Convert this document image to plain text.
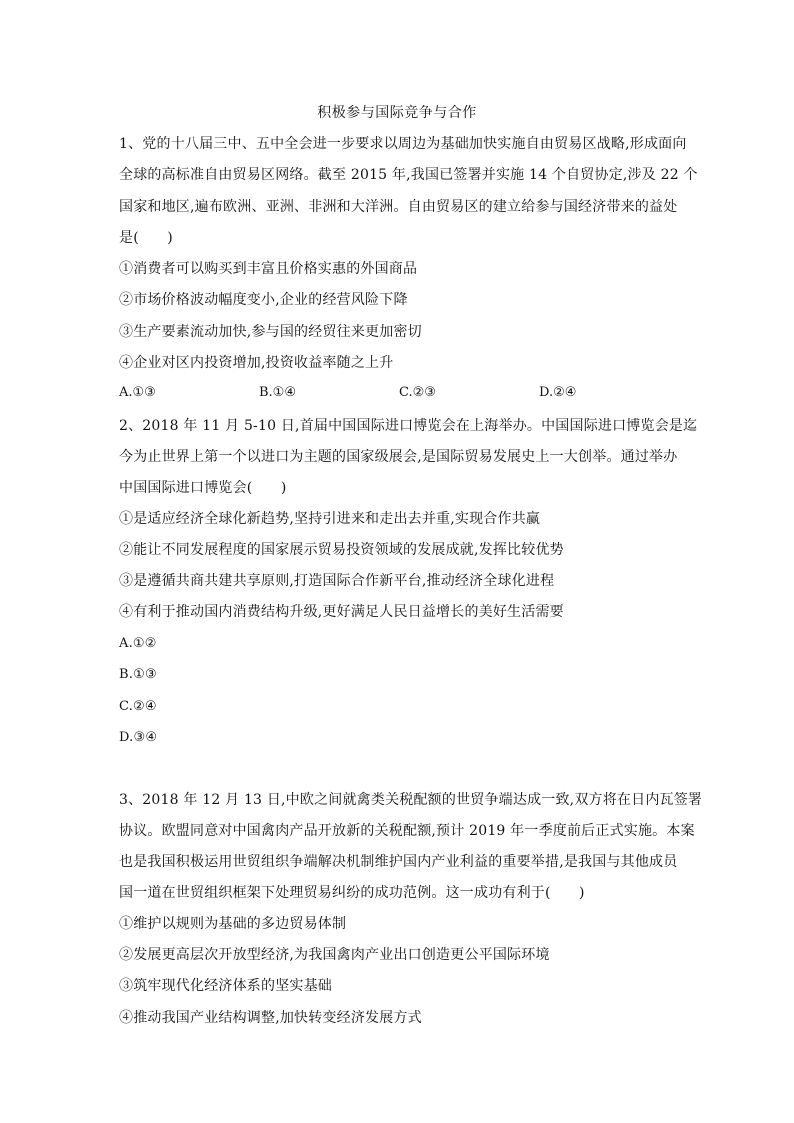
积极参与国际竞争与合作
1、党的十八届三中、五中全会进一步要求以周边为基础加快实施自由贸易区战略,形成面向
全球的高标准自由贸易区网络。截至 2015 年,我国已签署并实施 14 个自贸协定,涉及 22 个
国家和地区,遍布欧洲、亚洲、非洲和大洋洲。自由贸易区的建立给参与国经济带来的益处
是(　　)
①消费者可以购买到丰富且价格实惠的外国商品
②市场价格波动幅度变小,企业的经营风险下降
③生产要素流动加快,参与国的经贸往来更加密切
④企业对区内投资增加,投资收益率随之上升
A.①③	B.①④	C.②③	D.②④
2、2018 年 11 月 5-10 日,首届中国国际进口博览会在上海举办。中国国际进口博览会是迄
今为止世界上第一个以进口为主题的国家级展会,是国际贸易发展史上一大创举。通过举办
中国国际进口博览会(　　)
①是适应经济全球化新趋势,坚持引进来和走出去并重,实现合作共赢
②能让不同发展程度的国家展示贸易投资领域的发展成就,发挥比较优势
③是遵循共商共建共享原则,打造国际合作新平台,推动经济全球化进程
④有利于推动国内消费结构升级,更好满足人民日益增长的美好生活需要
A.①②
B.①③
C.②④
D.③④
3、2018 年 12 月 13 日,中欧之间就禽类关税配额的世贸争端达成一致,双方将在日内瓦签署
协议。欧盟同意对中国禽肉产品开放新的关税配额,预计 2019 年一季度前后正式实施。本案
也是我国积极运用世贸组织争端解决机制维护国内产业利益的重要举措,是我国与其他成员
国一道在世贸组织框架下处理贸易纠纷的成功范例。这一成功有利于(　　)
①维护以规则为基础的多边贸易体制
②发展更高层次开放型经济,为我国禽肉产业出口创造更公平国际环境
③筑牢现代化经济体系的坚实基础
④推动我国产业结构调整,加快转变经济发展方式
